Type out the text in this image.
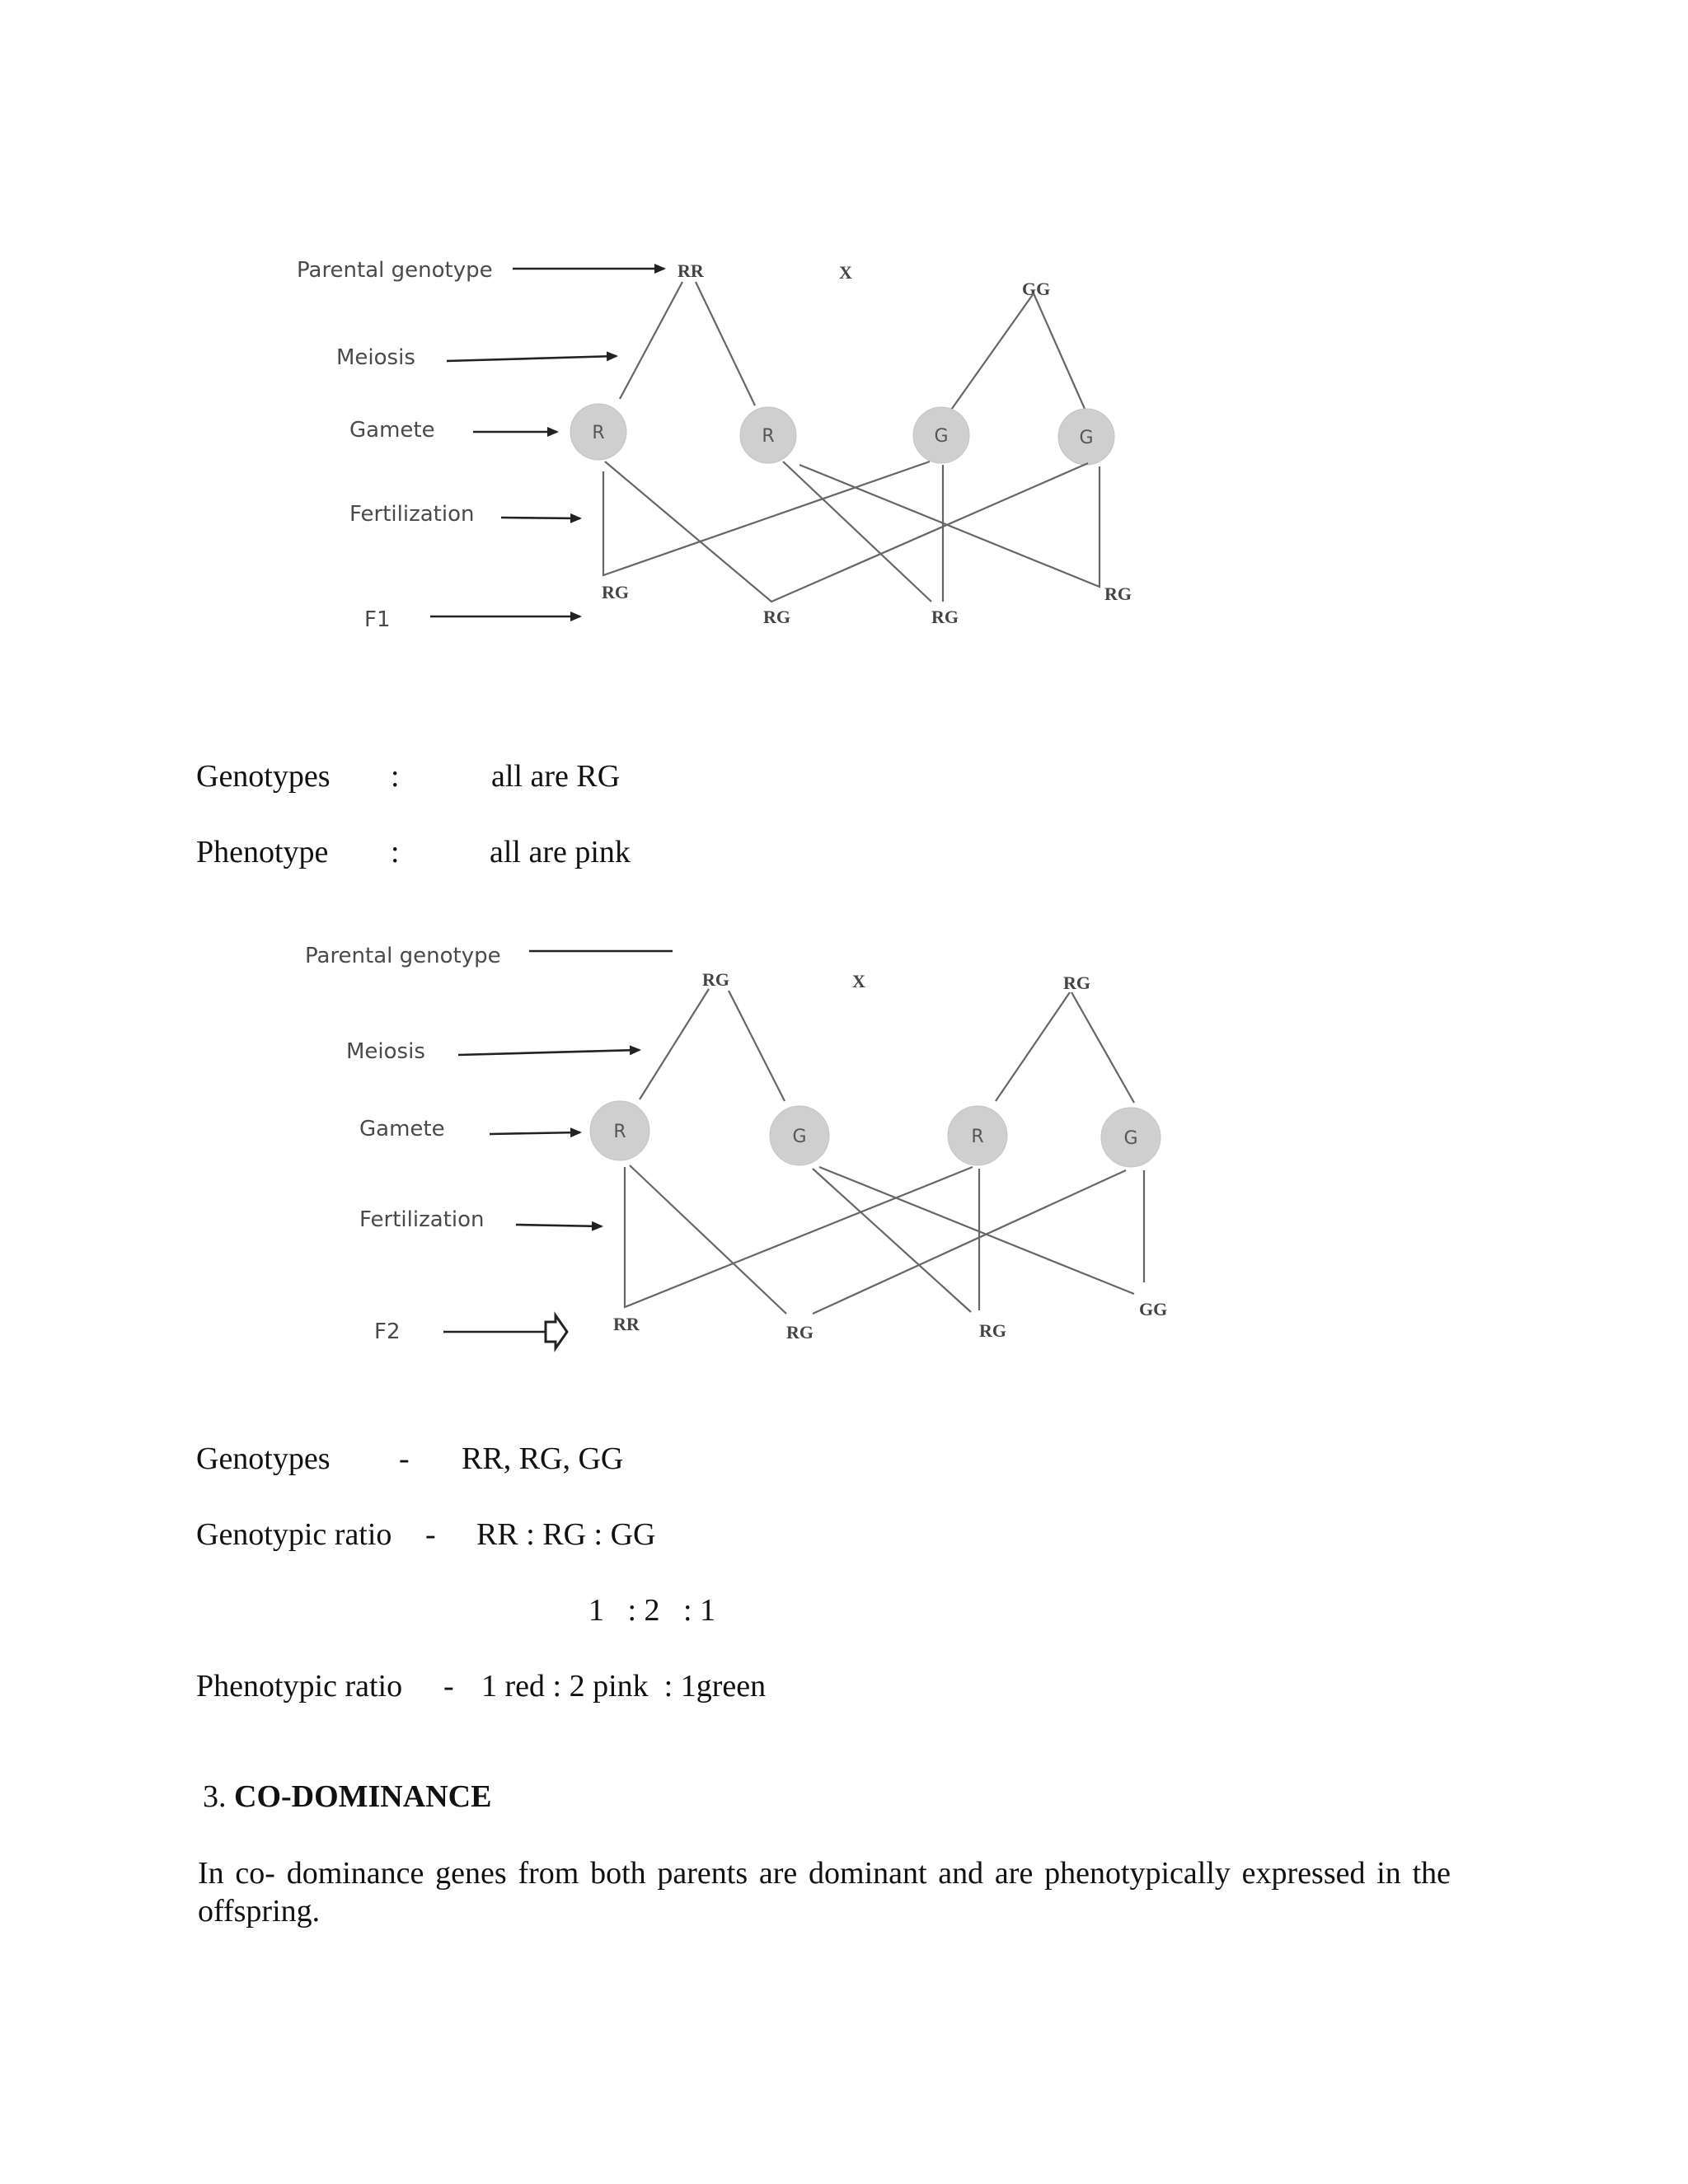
Parental genotype
Meiosis
Gamete
Fertilization
F1
RR	X
GG
R	R	G	G
RG
RG	RG
RG
Genotypes :	all are RG
Phenotype :	all are pink
Parental genotype
Meiosis
Gamete
Fertilization
F2
RG	X	RG
R	G	R	G
RR	RG	RG
GG
Genotypes - RR, RG, GG
Genotypic ratio - RR : RG : GG
1   : 2   : 1
Phenotypic ratio - 1 red : 2 pink  : 1green
3. CO-DOMINANCE
In co- dominance genes from both parents are dominant and are phenotypically expressed in the offspring.
